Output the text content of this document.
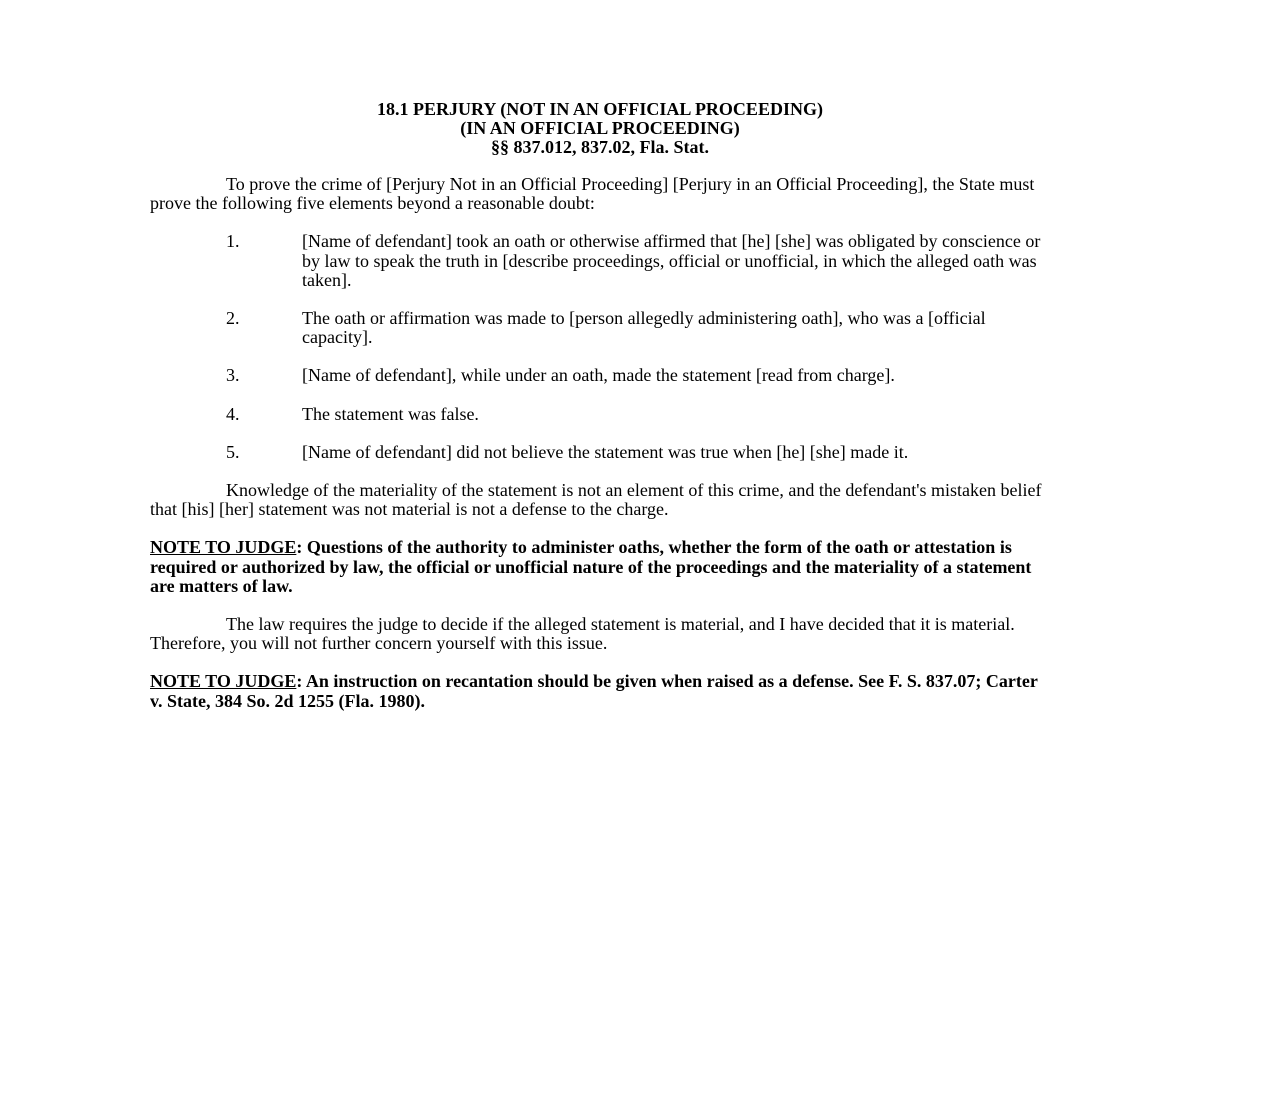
18.1 PERJURY (NOT IN AN OFFICIAL PROCEEDING)
(IN AN OFFICIAL PROCEEDING)
§§ 837.012, 837.02, Fla. Stat.

To prove the crime of [Perjury Not in an Official Proceeding] [Perjury in an Official Proceeding], the State must prove the following five elements beyond a reasonable doubt:

1.	[Name of defendant] took an oath or otherwise affirmed that [he] [she] was obligated by conscience or by law to speak the truth in [describe proceedings, official or unofficial, in which the alleged oath was taken].
2.	The oath or affirmation was made to [person allegedly administering oath], who was a [official capacity].
3.	[Name of defendant], while under an oath, made the statement [read from charge].
4.	The statement was false.
5.	[Name of defendant] did not believe the statement was true when [he] [she] made it.

Knowledge of the materiality of the statement is not an element of this crime, and the defendant's mistaken belief that [his] [her] statement was not material is not a defense to the charge.

NOTE TO JUDGE: Questions of the authority to administer oaths, whether the form of the oath or attestation is required or authorized by law, the official or unofficial nature of the proceedings and the materiality of a statement are matters of law.

The law requires the judge to decide if the alleged statement is material, and I have decided that it is material. Therefore, you will not further concern yourself with this issue.

NOTE TO JUDGE: An instruction on recantation should be given when raised as a defense. See F. S. 837.07; Carter v. State, 384 So. 2d 1255 (Fla. 1980).
